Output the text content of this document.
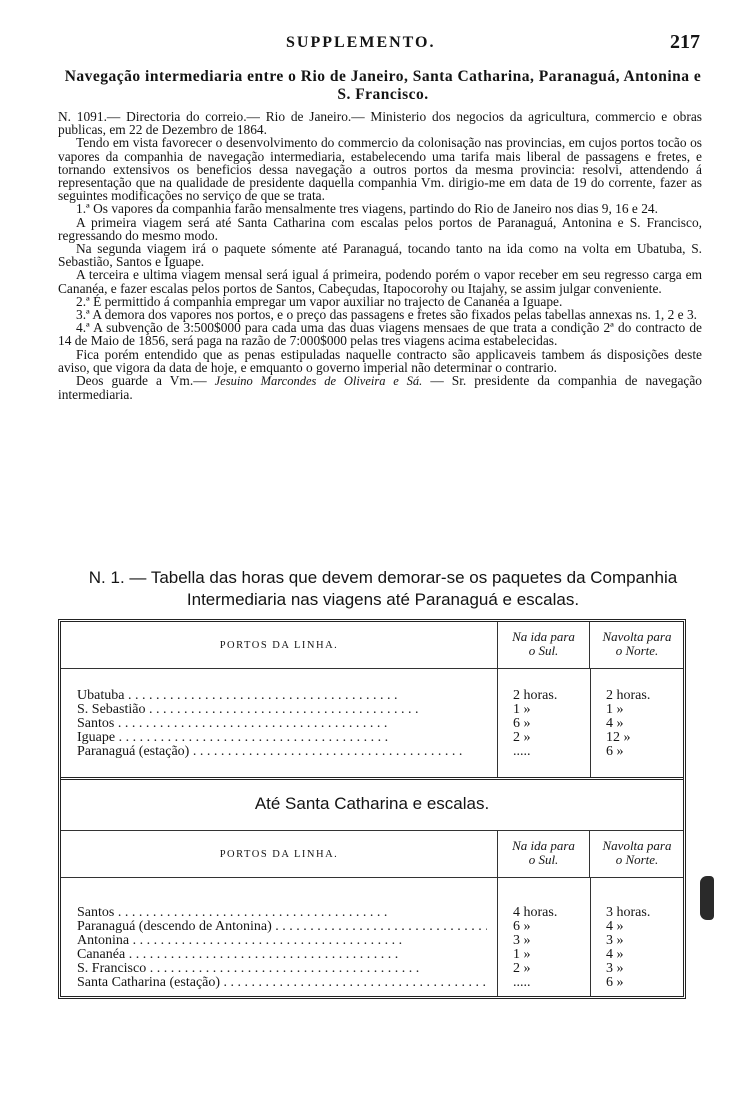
SUPPLEMENTO.	217
Navegação intermediaria entre o Rio de Janeiro, Santa Catharina, Paranaguá, Antonina e S. Francisco.

N. 1091.— Directoria do correio.— Rio de Janeiro.— Ministerio dos negocios da agricultura, commercio e obras publicas, em 22 de Dezembro de 1864.

Tendo em vista favorecer o desenvolvimento do commercio da colonisação nas provincias, em cujos portos tocão os vapores da companhia de navegação intermediaria, estabelecendo uma tarifa mais liberal de passagens e fretes, e tornando extensivos os beneficios dessa navegação a outros portos da mesma provincia: resolvi, attendendo á representação que na qualidade de presidente daquella companhia Vm. dirigio-me em data de 19 do corrente, fazer as seguintes modificações no serviço de que se trata.

1.ª Os vapores da companhia farão mensalmente tres viagens, partindo do Rio de Janeiro nos dias 9, 16 e 24.

A primeira viagem será até Santa Catharina com escalas pelos portos de Paranaguá, Antonina e S. Francisco, regressando do mesmo modo.

Na segunda viagem irá o paquete sómente até Paranaguá, tocando tanto na ida como na volta em Ubatuba, S. Sebastião, Santos e Iguape.

A terceira e ultima viagem mensal será igual á primeira, podendo porém o vapor receber em seu regresso carga em Cananéa, e fazer escalas pelos portos de Santos, Cabeçudas, Itapocorohy ou Itajahy, se assim julgar conveniente.

2.ª É permittido á companhia empregar um vapor auxiliar no trajecto de Cananéa a Iguape.

3.ª A demora dos vapores nos portos, e o preço das passagens e fretes são fixados pelas tabellas annexas ns. 1, 2 e 3.

4.ª A subvenção de 3:500$000 para cada uma das duas viagens mensaes de que trata a condição 2ª do contracto de 14 de Maio de 1856, será paga na razão de 7:000$000 pelas tres viagens acima estabelecidas.

Fica porém entendido que as penas estipuladas naquelle contracto são applicaveis tambem ás disposições deste aviso, que vigora da data de hoje, e emquanto o governo imperial não determinar o contrario.

Deos guarde a Vm.— Jesuino Marcondes de Oliveira e Sá. — Sr. presidente da companhia de navegação intermediaria.

N. 1. — Tabella das horas que devem demorar-se os paquetes da Companhia
Intermediaria nas viagens até Paranaguá e escalas.
PORTOS DA LINHA.
Na ida para
o Sul.
Navolta para
o Norte.
Ubatuba . . .	2 horas.	2 horas.
S. Sebastião . . .	1 »	1 »
Santos . . .	6 »	4 »
Iguape . . .	2 »	12 »
Paranaguá (estação) . . .	.....	6 »
Até Santa Catharina e escalas.
PORTOS DA LINHA.
Na ida para
o Sul.
Navolta para
o Norte.
Santos . . .	4 horas.	3 horas.
Paranaguá (descendo de Antonina) . . .	6 »	4 »
Antonina . . .	3 »	3 »
Cananéa . . .	1 »	4 »
S. Francisco . . .	2 »	3 »
Santa Catharina (estação) . . .	.....	6 »
